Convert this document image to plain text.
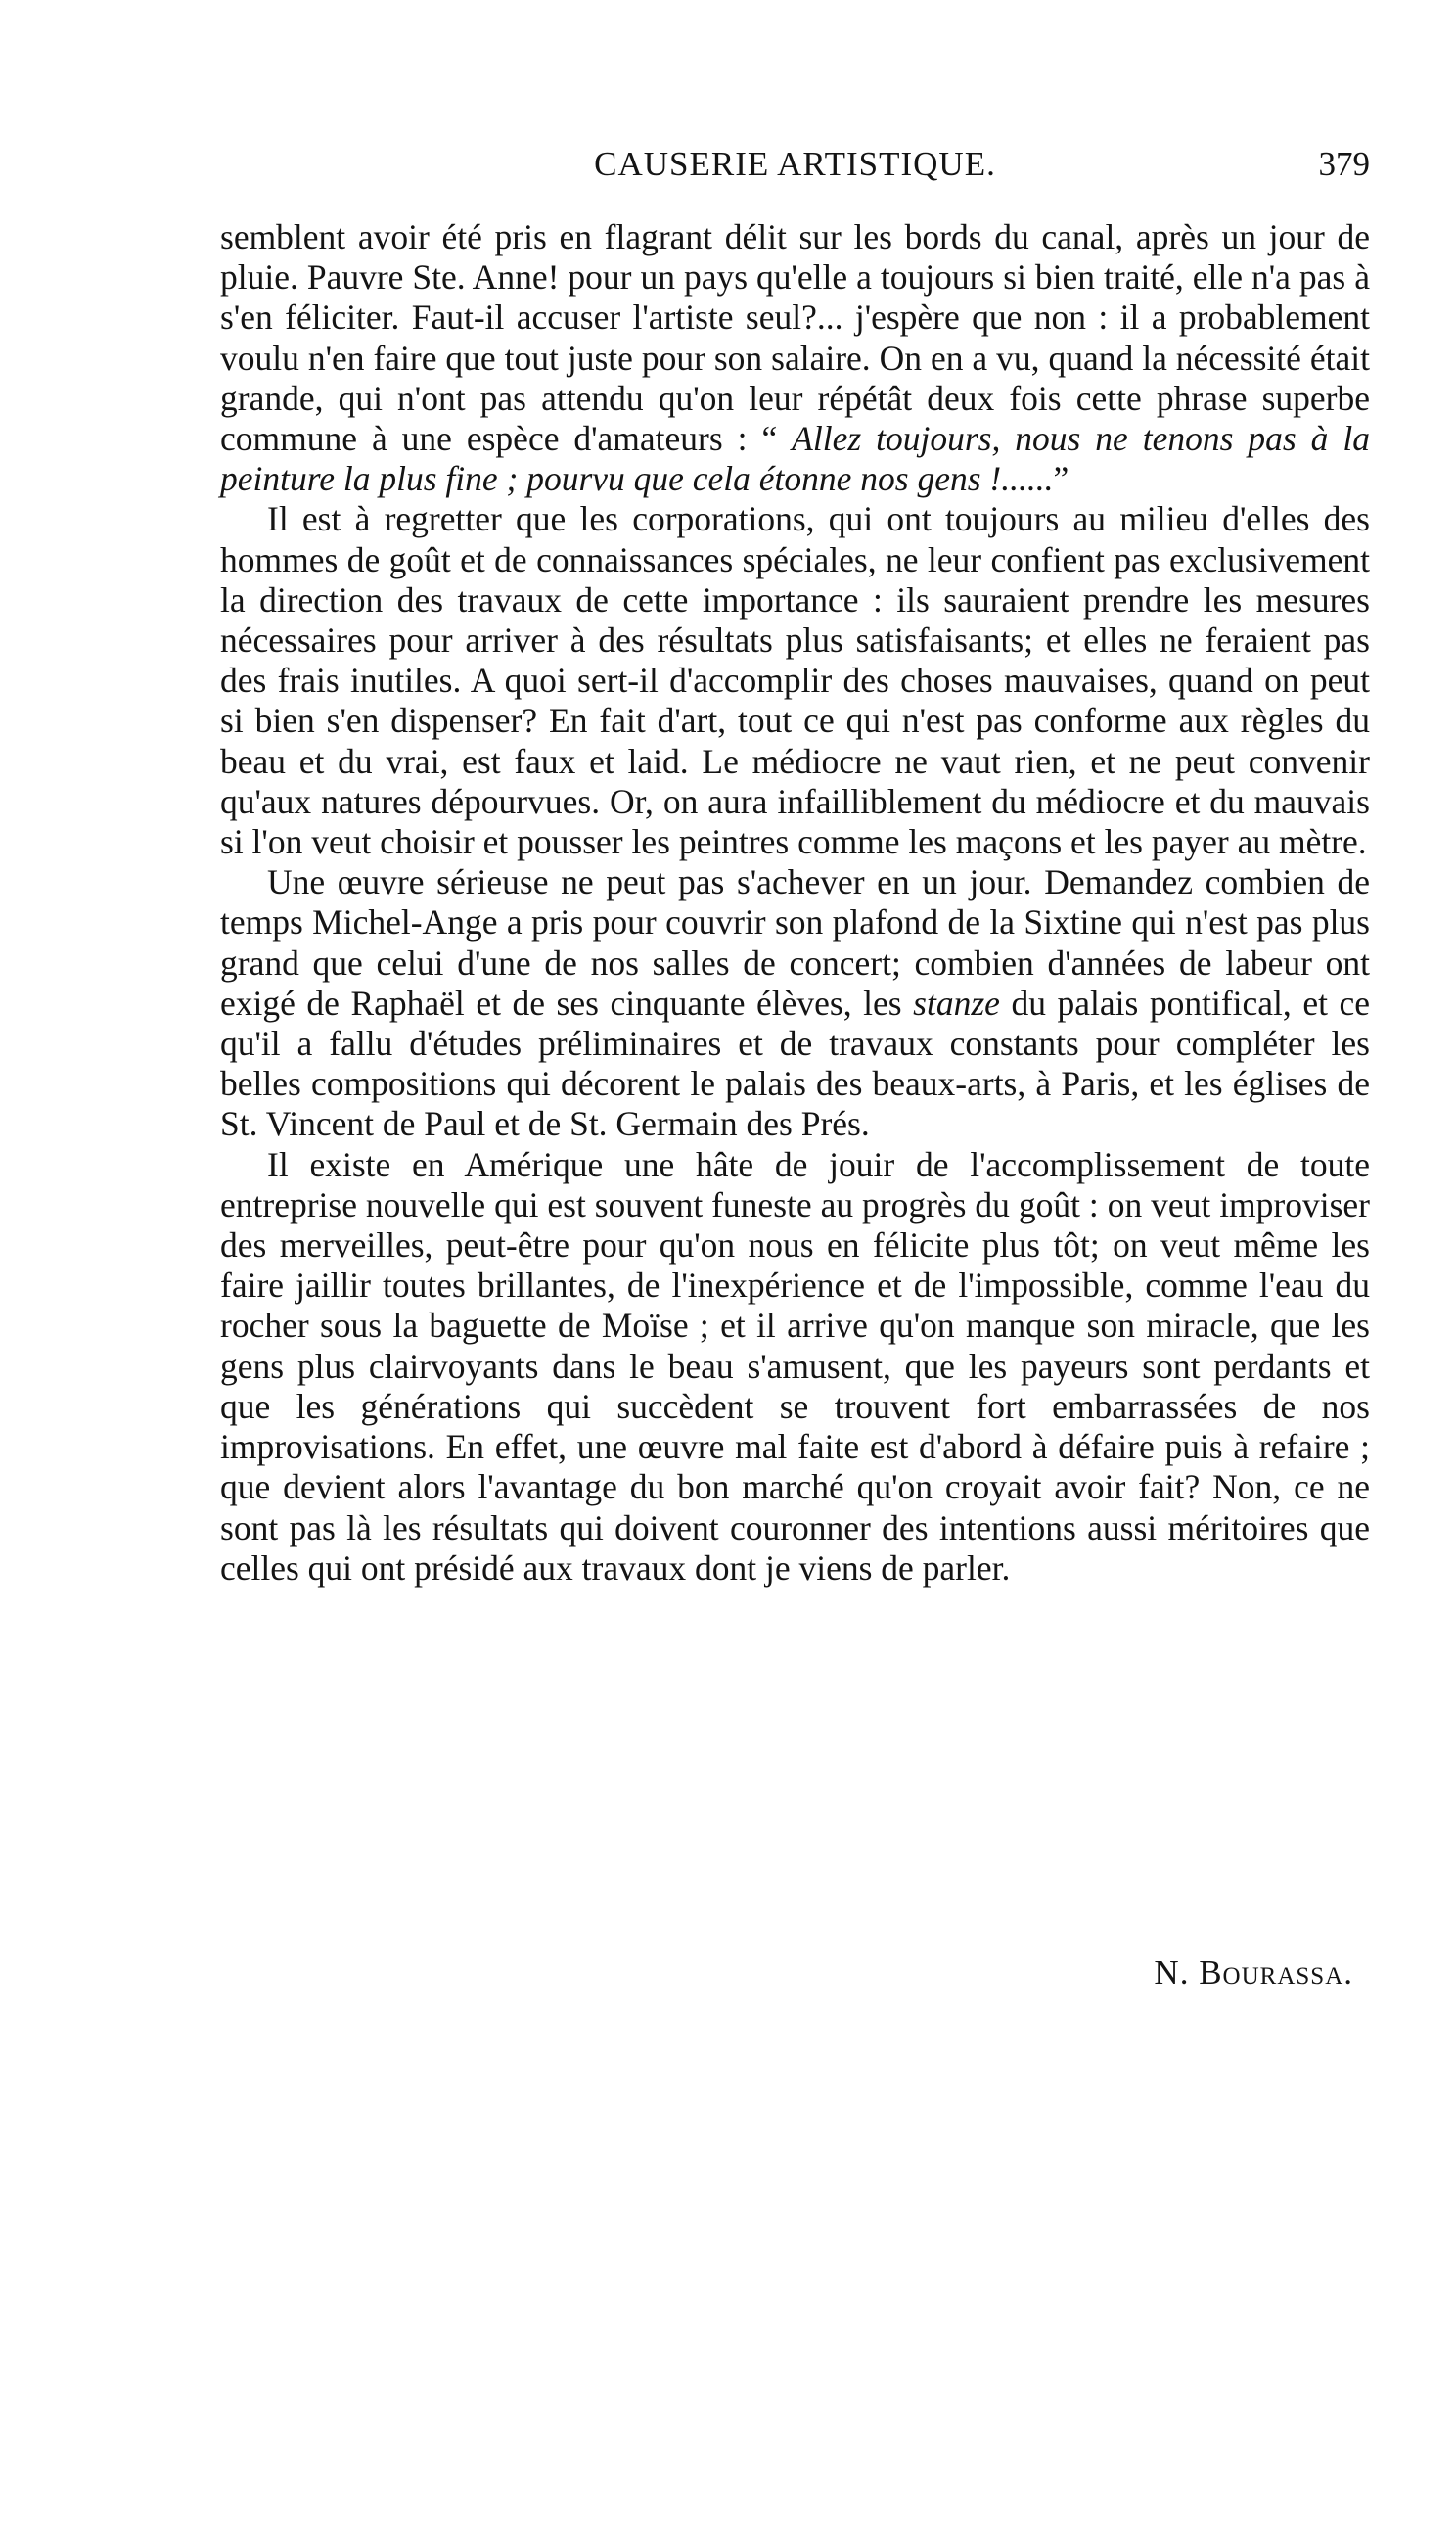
CAUSERIE ARTISTIQUE.	379

semblent avoir été pris en flagrant délit sur les bords du canal, après un jour de pluie. Pauvre Ste. Anne! pour un pays qu'elle a toujours si bien traité, elle n'a pas à s'en féliciter. Faut-il accuser l'artiste seul?... j'espère que non : il a probablement voulu n'en faire que tout juste pour son salaire. On en a vu, quand la nécessité était grande, qui n'ont pas attendu qu'on leur répétât deux fois cette phrase superbe commune à une espèce d'amateurs : “ Allez toujours, nous ne tenons pas à la peinture la plus fine ; pourvu que cela étonne nos gens !......”

Il est à regretter que les corporations, qui ont toujours au milieu d'elles des hommes de goût et de connaissances spéciales, ne leur confient pas exclusivement la direction des travaux de cette importance : ils sauraient prendre les mesures nécessaires pour arriver à des résultats plus satisfaisants; et elles ne feraient pas des frais inutiles. A quoi sert-il d'accomplir des choses mauvaises, quand on peut si bien s'en dispenser? En fait d'art, tout ce qui n'est pas conforme aux règles du beau et du vrai, est faux et laid. Le médiocre ne vaut rien, et ne peut convenir qu'aux natures dépourvues. Or, on aura infailliblement du médiocre et du mauvais si l'on veut choisir et pousser les peintres comme les maçons et les payer au mètre.

Une œuvre sérieuse ne peut pas s'achever en un jour. Demandez combien de temps Michel-Ange a pris pour couvrir son plafond de la Sixtine qui n'est pas plus grand que celui d'une de nos salles de concert; combien d'années de labeur ont exigé de Raphaël et de ses cinquante élèves, les stanze du palais pontifical, et ce qu'il a fallu d'études préliminaires et de travaux constants pour compléter les belles compositions qui décorent le palais des beaux-arts, à Paris, et les églises de St. Vincent de Paul et de St. Germain des Prés.

Il existe en Amérique une hâte de jouir de l'accomplissement de toute entreprise nouvelle qui est souvent funeste au progrès du goût : on veut improviser des merveilles, peut-être pour qu'on nous en félicite plus tôt; on veut même les faire jaillir toutes brillantes, de l'inexpérience et de l'impossible, comme l'eau du rocher sous la baguette de Moïse ; et il arrive qu'on manque son miracle, que les gens plus clairvoyants dans le beau s'amusent, que les payeurs sont perdants et que les générations qui succèdent se trouvent fort embarrassées de nos improvisations. En effet, une œuvre mal faite est d'abord à défaire puis à refaire ; que devient alors l'avantage du bon marché qu'on croyait avoir fait? Non, ce ne sont pas là les résultats qui doivent couronner des intentions aussi méritoires que celles qui ont présidé aux travaux dont je viens de parler.

N. Bourassa.
